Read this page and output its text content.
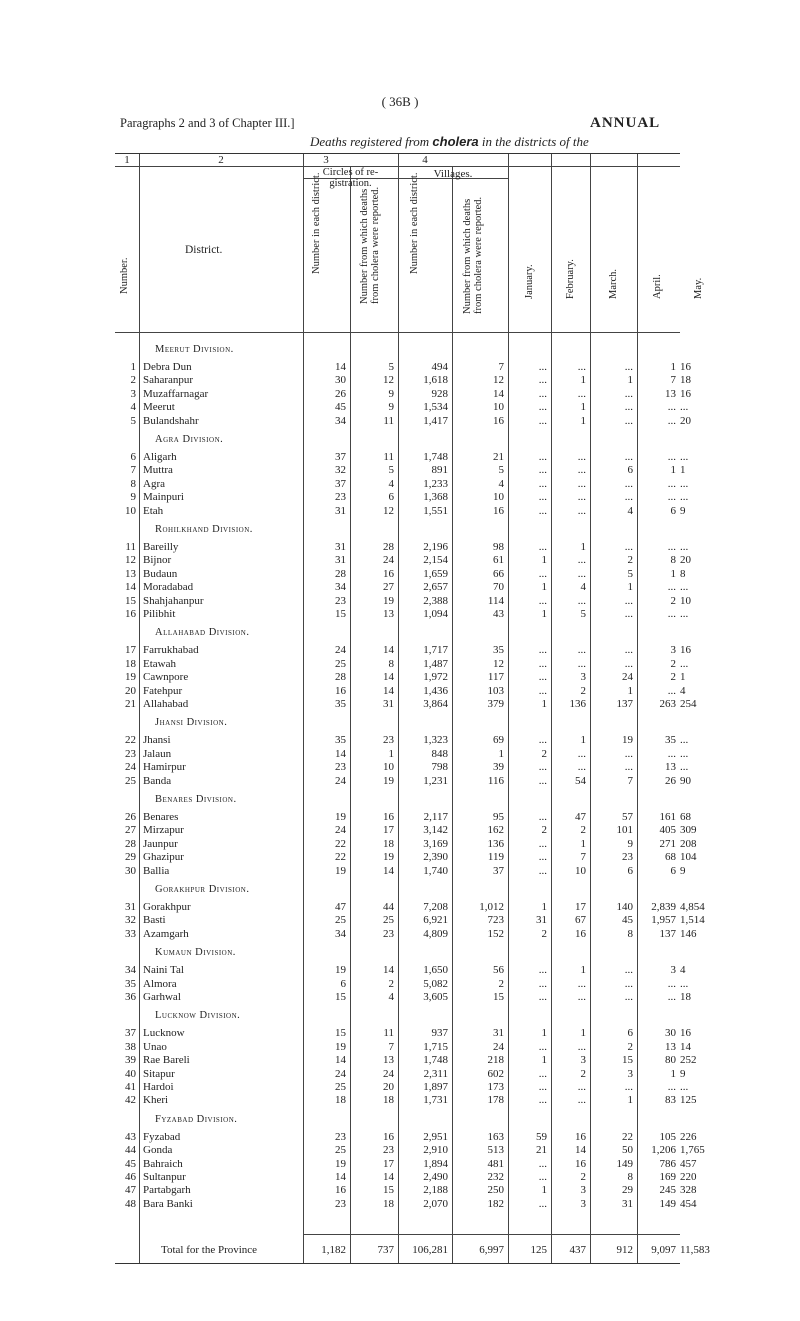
( 36B )
Paragraphs 2 and 3 of Chapter III.]	ANNUAL
Deaths registered from cholera in the districts of the
1	2	3	4
Circles of re-gistration.
Villages.
Number.
Number in each district.	Number from which deaths from cholera were reported.	Number in each district.	Number from which deaths from cholera were reported.	January.	February.	March.	April.	May.
District.
Meerut Division.
1 Debra Dun	14	5	494	7	...	...	...	1 16
2 Saharanpur	30	12	1,618	12	...	1	1	7 18
3 Muzaffarnagar	26	9	928	14	...	...	...	13 16
4 Meerut	45	9	1,534	10	...	1	...	... ...
5 Bulandshahr	34	11	1,417	16	...	1	...	... 20
Agra Division.
6 Aligarh	37	11	1,748	21	...	...	...	... ...
7 Muttra	32	5	891	5	...	...	6	1 1
8 Agra	37	4	1,233	4	...	...	...	... ...
9 Mainpuri	23	6	1,368	10	...	...	...	... ...
10 Etah	31	12	1,551	16	...	...	4	6 9
Rohilkhand Division.
11 Bareilly	31	28	2,196	98	...	1	...	... ...
12 Bijnor	31	24	2,154	61	1	...	2	8 20
13 Budaun	28	16	1,659	66	...	...	5	1 8
14 Moradabad	34	27	2,657	70	1	4	1	... ...
15 Shahjahanpur	23	19	2,388	114	...	...	...	2 10
16 Pilibhit	15	13	1,094	43	1	5	...	... ...
Allahabad Division.
17 Farrukhabad	24	14	1,717	35	...	...	...	3 16
18 Etawah	25	8	1,487	12	...	...	...	2 ...
19 Cawnpore	28	14	1,972	117	...	3	24	2 1
20 Fatehpur	16	14	1,436	103	...	2	1	... 4
21 Allahabad	35	31	3,864	379	1	136	137	263 254
Jhansi Division.
22 Jhansi	35	23	1,323	69	...	1	19	35 ...
23 Jalaun	14	1	848	1	2	...	...	... ...
24 Hamirpur	23	10	798	39	...	...	...	13 ...
25 Banda	24	19	1,231	116	...	54	7	26 90
Benares Division.
26 Benares	19	16	2,117	95	...	47	57	161 68
27 Mirzapur	24	17	3,142	162	2	2	101	405 309
28 Jaunpur	22	18	3,169	136	...	1	9	271 208
29 Ghazipur	22	19	2,390	119	...	7	23	68 104
30 Ballia	19	14	1,740	37	...	10	6	6 9
Gorakhpur Division.
31 Gorakhpur	47	44	7,208	1,012	1	17	140	2,839 4,854
32 Basti	25	25	6,921	723	31	67	45	1,957 1,514
33 Azamgarh	34	23	4,809	152	2	16	8	137 146
Kumaun Division.
34 Naini Tal	19	14	1,650	56	...	1	...	3 4
35 Almora	6	2	5,082	2	...	...	...	... ...
36 Garhwal	15	4	3,605	15	...	...	...	... 18
Lucknow Division.
37 Lucknow	15	11	937	31	1	1	6	30 16
38 Unao	19	7	1,715	24	...	...	2	13 14
39 Rae Bareli	14	13	1,748	218	1	3	15	80 252
40 Sitapur	24	24	2,311	602	...	2	3	1 9
41 Hardoi	25	20	1,897	173	...	...	...	... ...
42 Kheri	18	18	1,731	178	...	...	1	83 125
Fyzabad Division.
43 Fyzabad	23	16	2,951	163	59	16	22	105 226
44 Gonda	25	23	2,910	513	21	14	50	1,206 1,765
45 Bahraich	19	17	1,894	481	...	16	149	786 457
46 Sultanpur	14	14	2,490	232	...	2	8	169 220
47 Partabgarh	16	15	2,188	250	1	3	29	245 328
48 Bara Banki	23	18	2,070	182	...	3	31	149 454
Total for the Province	1,182	737	106,281	6,997	125	437	912	9,097 11,583
